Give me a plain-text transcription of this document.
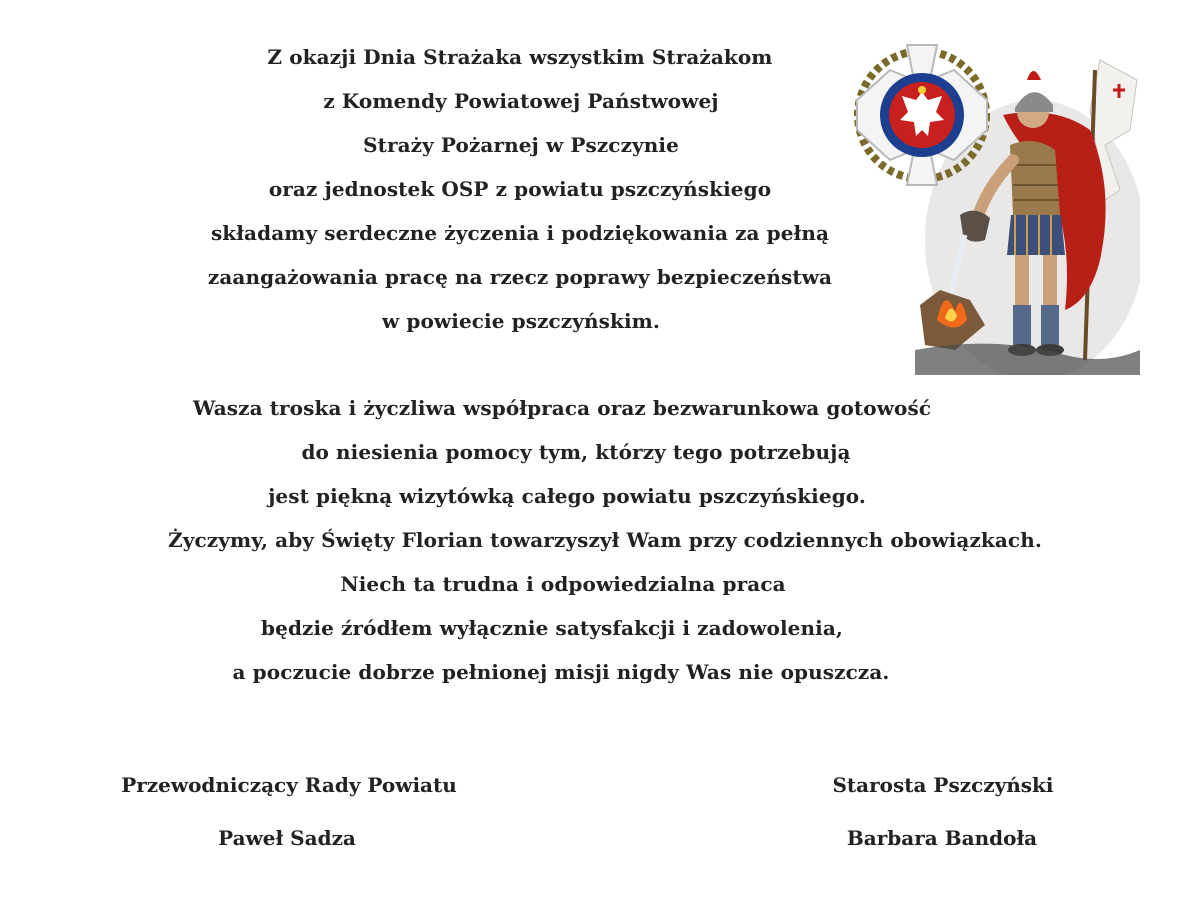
Z okazji Dnia Strażaka wszystkim Strażakom
z Komendy Powiatowej Państwowej
Straży Pożarnej w Pszczynie
oraz jednostek OSP z powiatu pszczyńskiego
składamy serdeczne życzenia i podziękowania za pełną
zaangażowania pracę na rzecz poprawy bezpieczeństwa
w powiecie pszczyńskim.
Wasza troska i życzliwa współpraca oraz bezwarunkowa gotowość
do niesienia pomocy tym, którzy tego potrzebują
jest piękną wizytówką całego powiatu pszczyńskiego.
Życzymy, aby Święty Florian towarzyszył Wam przy codziennych obowiązkach.
Niech ta trudna i odpowiedzialna praca
będzie źródłem wyłącznie satysfakcji i zadowolenia,
a poczucie dobrze pełnionej misji nigdy Was nie opuszcza.
Przewodniczący Rady Powiatu
Paweł Sadza
Starosta Pszczyński
Barbara Bandoła
